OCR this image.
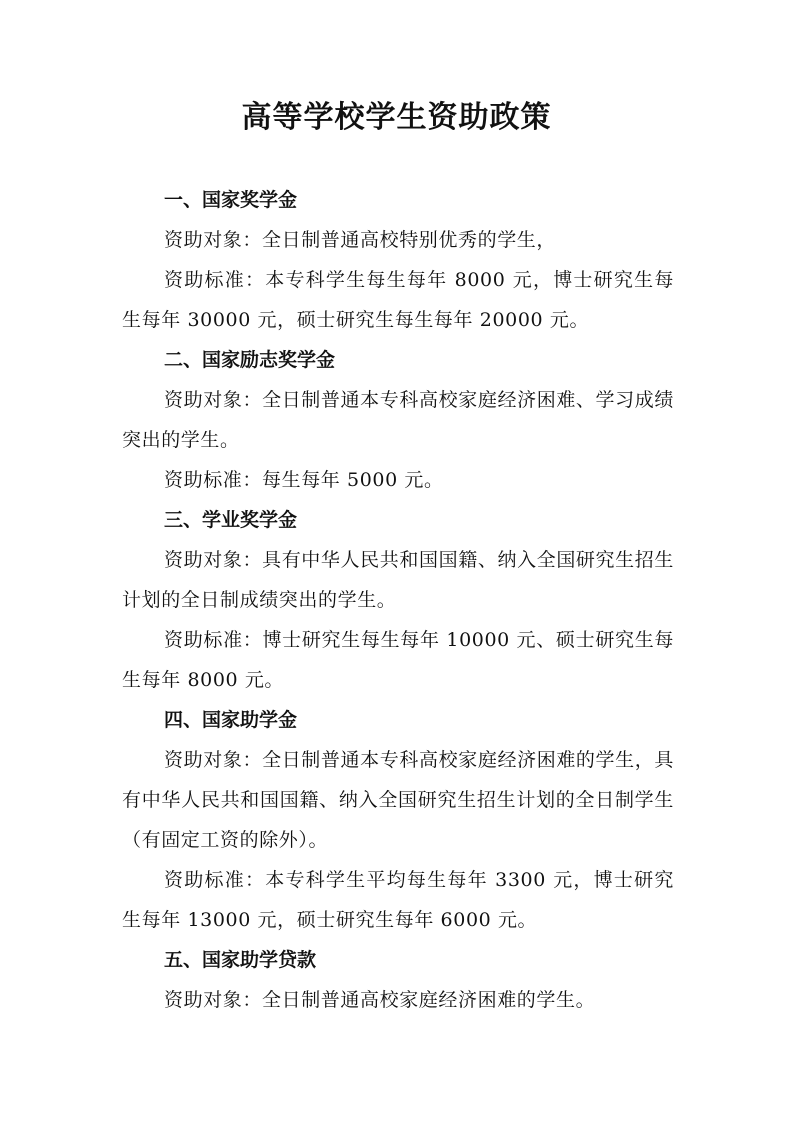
高等学校学生资助政策

一、国家奖学金

资助对象：全日制普通高校特别优秀的学生，

资助标准：本专科学生每生每年 8000 元，博士研究生每生每年 30000 元，硕士研究生每生每年 20000 元。

二、国家励志奖学金

资助对象：全日制普通本专科高校家庭经济困难、学习成绩突出的学生。

资助标准：每生每年 5000 元。

三、学业奖学金

资助对象：具有中华人民共和国国籍、纳入全国研究生招生计划的全日制成绩突出的学生。

资助标准：博士研究生每生每年 10000 元、硕士研究生每生每年 8000 元。

四、国家助学金

资助对象：全日制普通本专科高校家庭经济困难的学生，具有中华人民共和国国籍、纳入全国研究生招生计划的全日制学生（有固定工资的除外）。

资助标准：本专科学生平均每生每年 3300 元，博士研究生每年 13000 元，硕士研究生每年 6000 元。

五、国家助学贷款

资助对象：全日制普通高校家庭经济困难的学生。
